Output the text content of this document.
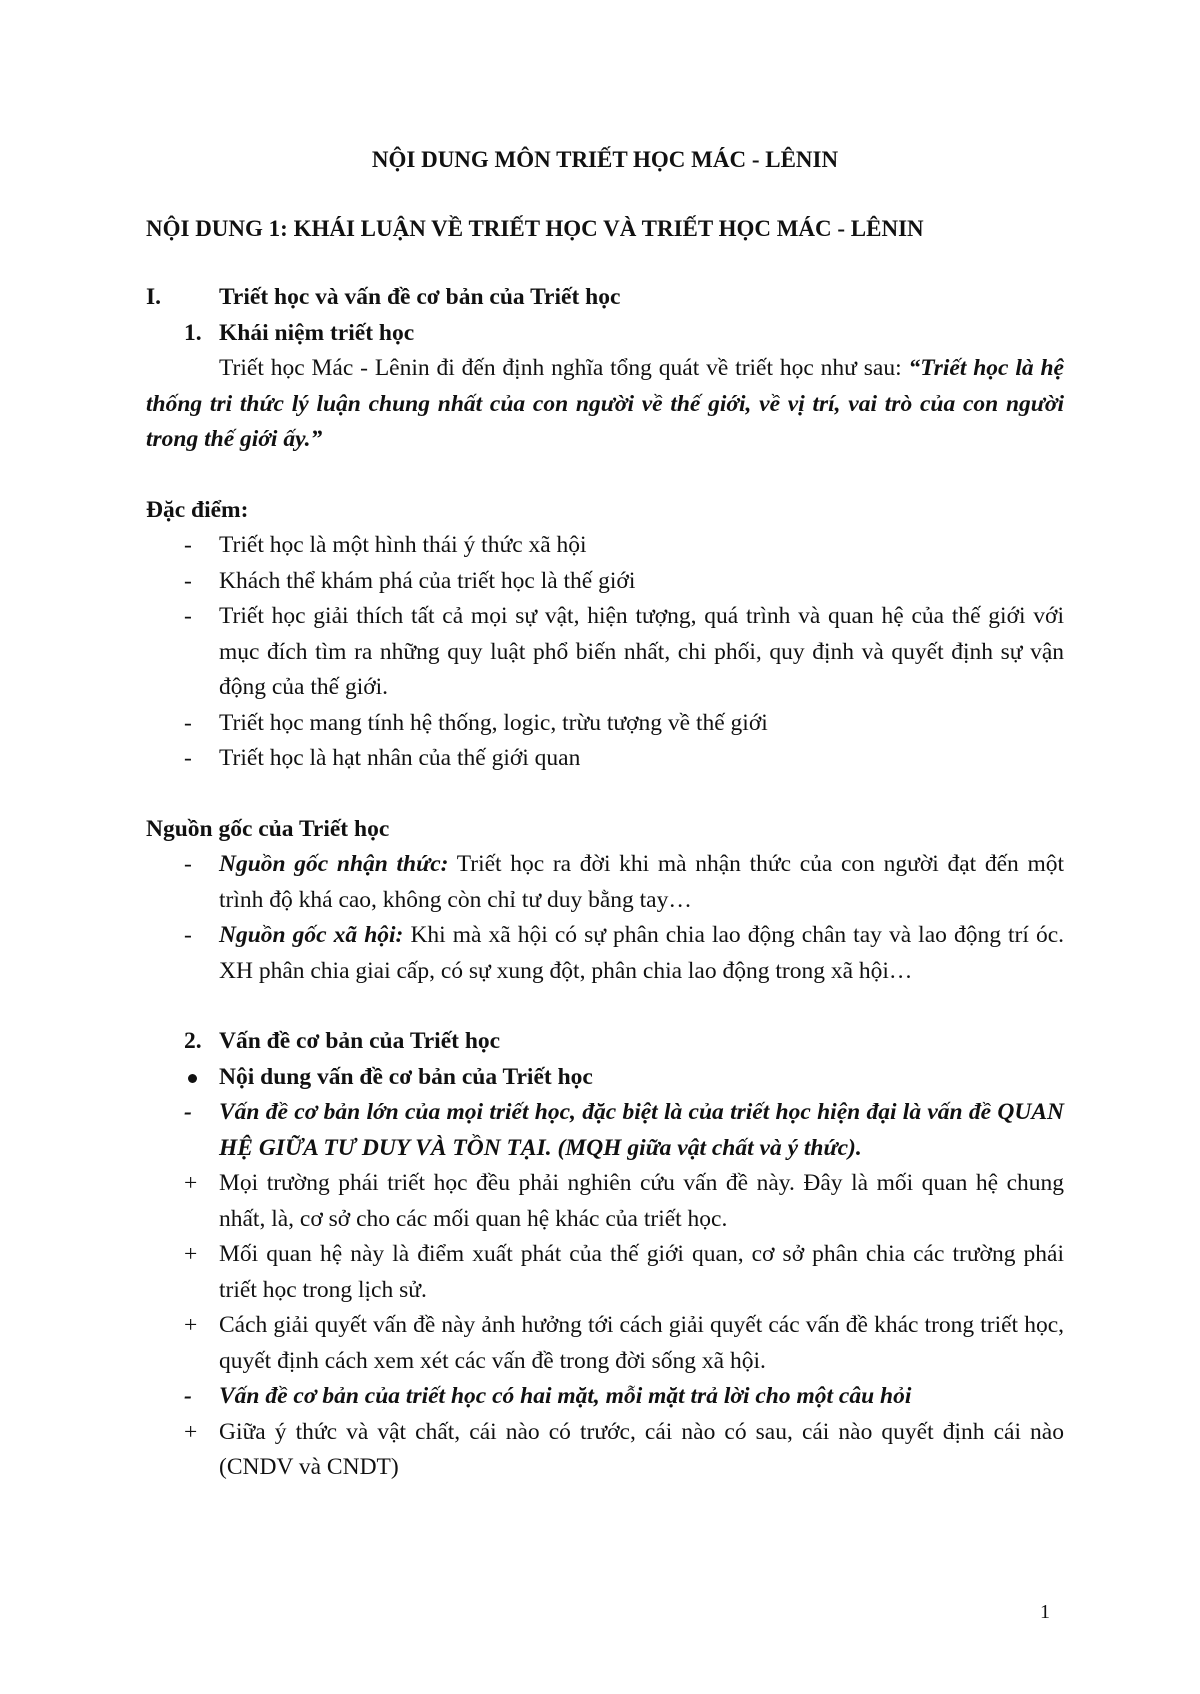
NỘI DUNG MÔN TRIẾT HỌC MÁC - LÊNIN
NỘI DUNG 1: KHÁI LUẬN VỀ TRIẾT HỌC VÀ TRIẾT HỌC MÁC - LÊNIN
I.	Triết học và vấn đề cơ bản của Triết học
1. Khái niệm triết học
Triết học Mác - Lênin đi đến định nghĩa tổng quát về triết học như sau: “Triết học là hệ thống tri thức lý luận chung nhất của con người về thế giới, về vị trí, vai trò của con người trong thế giới ấy.”
Đặc điểm:
-	Triết học là một hình thái ý thức xã hội
-	Khách thể khám phá của triết học là thế giới
-	Triết học giải thích tất cả mọi sự vật, hiện tượng, quá trình và quan hệ của thế giới với mục đích tìm ra những quy luật phổ biến nhất, chi phối, quy định và quyết định sự vận động của thế giới.
-	Triết học mang tính hệ thống, logic, trừu tượng về thế giới
-	Triết học là hạt nhân của thế giới quan
Nguồn gốc của Triết học
-	Nguồn gốc nhận thức: Triết học ra đời khi mà nhận thức của con người đạt đến một trình độ khá cao, không còn chỉ tư duy bằng tay…
-	Nguồn gốc xã hội: Khi mà xã hội có sự phân chia lao động chân tay và lao động trí óc. XH phân chia giai cấp, có sự xung đột, phân chia lao động trong xã hội…
2. Vấn đề cơ bản của Triết học
Nội dung vấn đề cơ bản của Triết học
-	Vấn đề cơ bản lớn của mọi triết học, đặc biệt là của triết học hiện đại là vấn đề QUAN HỆ GIỮA TƯ DUY VÀ TỒN TẠI. (MQH giữa vật chất và ý thức).
+ Mọi trường phái triết học đều phải nghiên cứu vấn đề này. Đây là mối quan hệ chung nhất, là, cơ sở cho các mối quan hệ khác của triết học.
+ Mối quan hệ này là điểm xuất phát của thế giới quan, cơ sở phân chia các trường phái triết học trong lịch sử.
+ Cách giải quyết vấn đề này ảnh hưởng tới cách giải quyết các vấn đề khác trong triết học, quyết định cách xem xét các vấn đề trong đời sống xã hội.
-	Vấn đề cơ bản của triết học có hai mặt, mỗi mặt trả lời cho một câu hỏi
+ Giữa ý thức và vật chất, cái nào có trước, cái nào có sau, cái nào quyết định cái nào (CNDV và CNDT)
1
